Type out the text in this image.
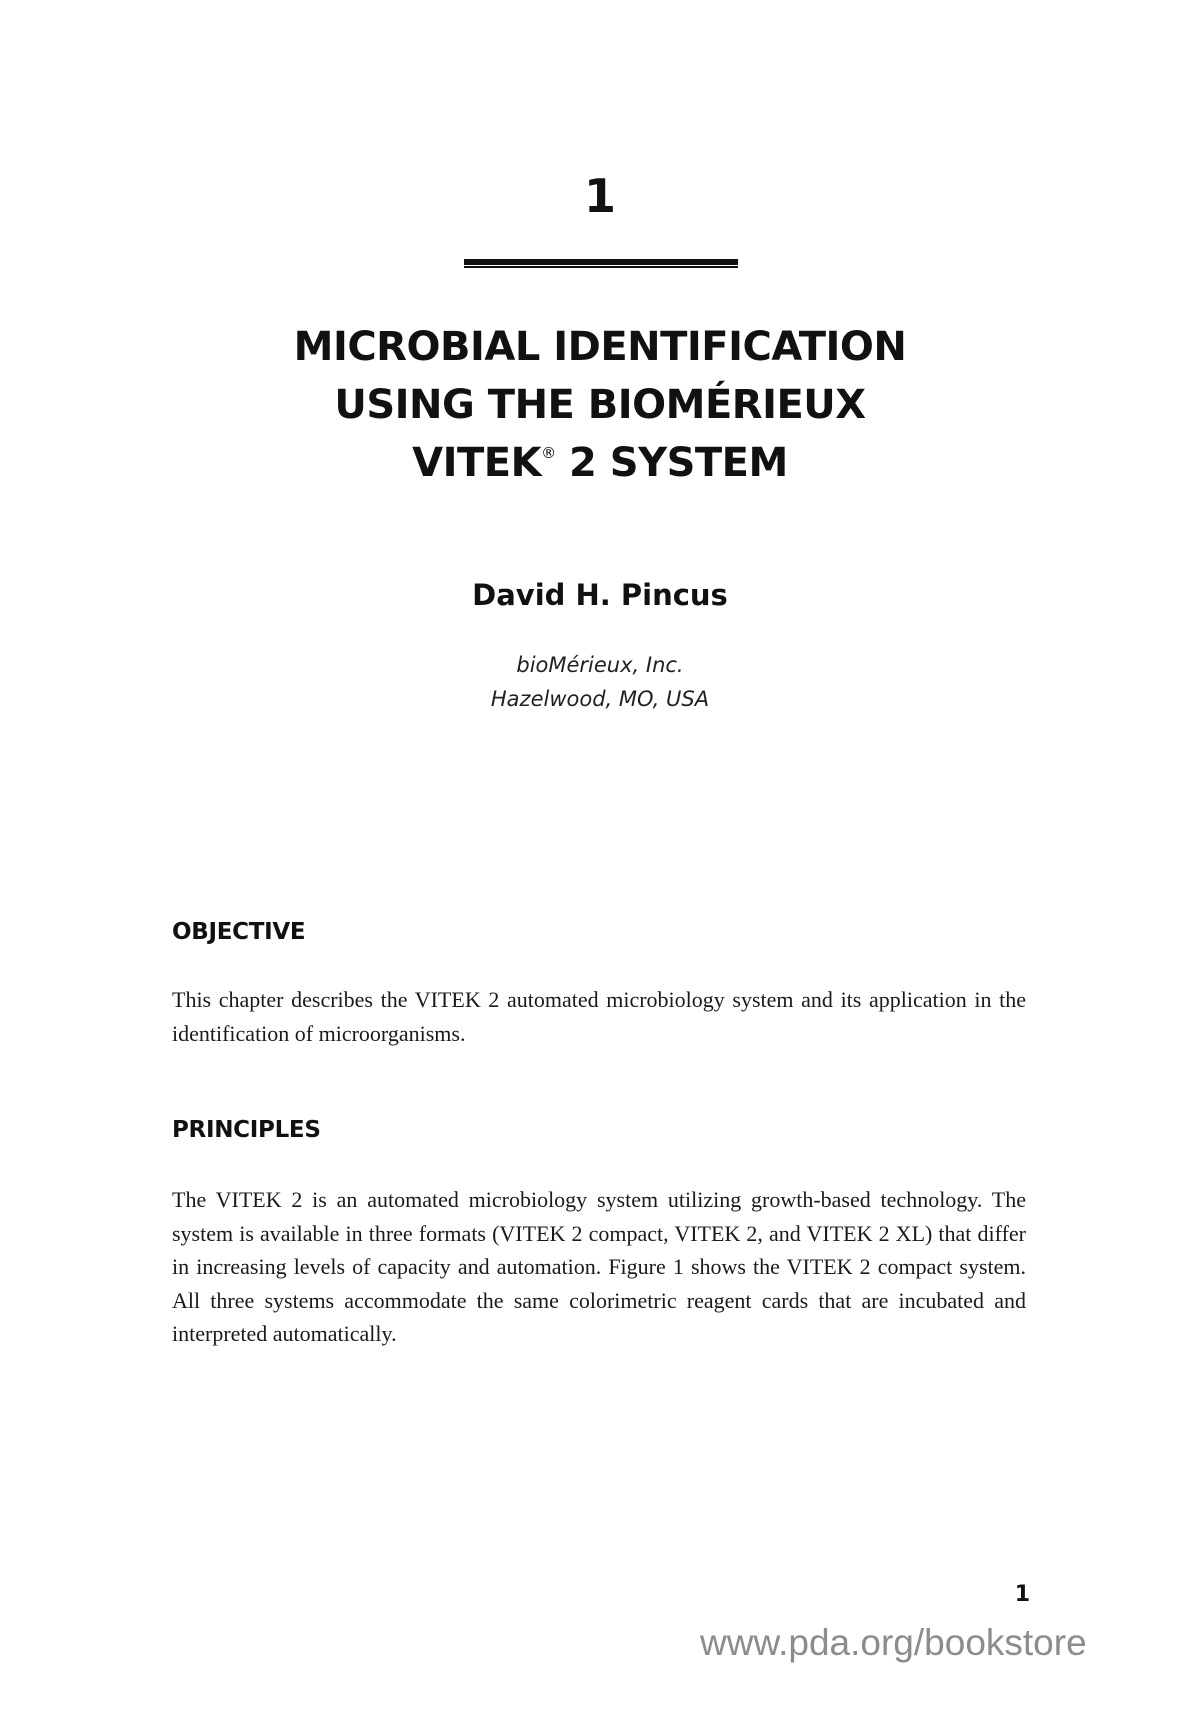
1
MICROBIAL IDENTIFICATION
USING THE BIOMÉRIEUX
VITEK® 2 SYSTEM
David H. Pincus
bioMérieux, Inc.
Hazelwood, MO, USA
OBJECTIVE

This chapter describes the VITEK 2 automated microbiology system and its application in the identification of microorganisms.

PRINCIPLES

The VITEK 2 is an automated microbiology system utilizing growth-based technology. The system is available in three formats (VITEK 2 compact, VITEK 2, and VITEK 2 XL) that differ in increasing levels of capacity and automation. Figure 1 shows the VITEK 2 compact system. All three systems accommodate the same colorimetric reagent cards that are incubated and interpreted automatically.

1
www.pda.org/bookstore
